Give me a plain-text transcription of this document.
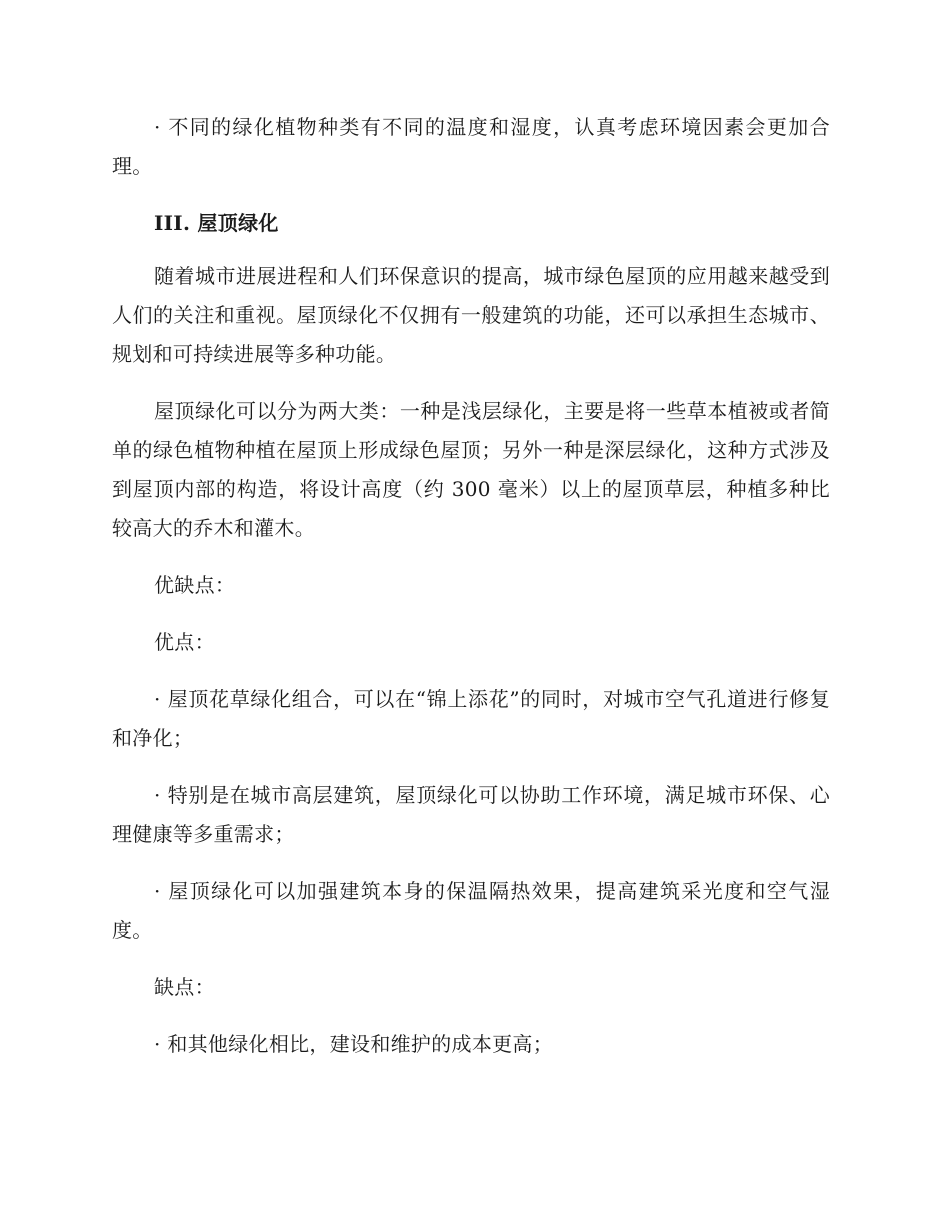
· 不同的绿化植物种类有不同的温度和湿度，认真考虑环境因素会更加合理。

III. 屋顶绿化

随着城市进展进程和人们环保意识的提高，城市绿色屋顶的应用越来越受到人们的关注和重视。屋顶绿化不仅拥有一般建筑的功能，还可以承担生态城市、规划和可持续进展等多种功能。

屋顶绿化可以分为两大类：一种是浅层绿化，主要是将一些草本植被或者简单的绿色植物种植在屋顶上形成绿色屋顶；另外一种是深层绿化，这种方式涉及到屋顶内部的构造，将设计高度（约 300 毫米）以上的屋顶草层，种植多种比较高大的乔木和灌木。

优缺点：

优点：

· 屋顶花草绿化组合，可以在“锦上添花”的同时，对城市空气孔道进行修复和净化；

· 特别是在城市高层建筑，屋顶绿化可以协助工作环境，满足城市环保、心理健康等多重需求；

· 屋顶绿化可以加强建筑本身的保温隔热效果，提高建筑采光度和空气湿度。

缺点：

· 和其他绿化相比，建设和维护的成本更高；
